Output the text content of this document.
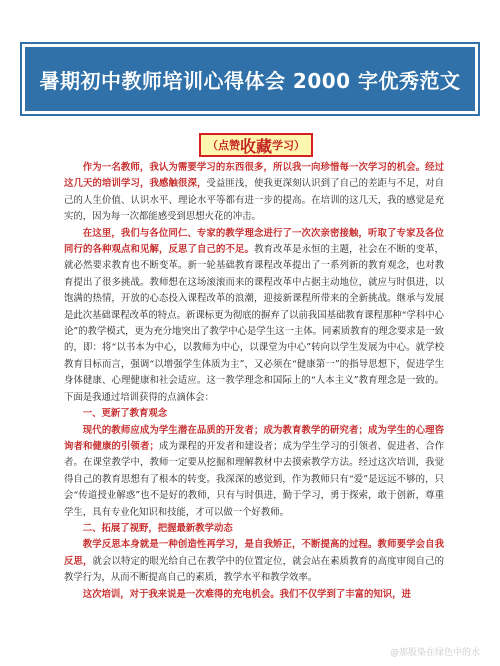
暑期初中教师培训心得体会 2000 字优秀范文
（点赞 收藏 学习）

作为一名教师，我认为需要学习的东西很多，所以我一向珍惜每一次学习的机会。经过这几天的培训学习，我感触很深，受益匪浅，使我更深刻认识到了自己的差距与不足，对自己的人生价值、认识水平、理论水平等都有进一步的提高。在培训的这几天，我的感觉是充实的，因为每一次都能感受到思想火花的冲击。

在这里，我们与各位同仁、专家的教学理念进行了一次次亲密接触，听取了专家及各位同行的各种观点和见解，反思了自己的不足。教育改革是永恒的主题，社会在不断的变革，就必然要求教育也不断变革。新一轮基础教育课程改革提出了一系列新的教育观念，也对教育提出了很多挑战。教师想在这场滚滚而来的课程改革中占据主动地位，就应与时俱进，以饱满的热情，开放的心态投入课程改革的浪潮，迎接新课程所带来的全新挑战。继承与发展是此次基础课程改革的特点。新课标更为彻底的摒弃了以前我国基础教育课程那种“学科中心论”的教学模式，更为充分地突出了教学中心是学生这一主体。同素质教育的理念要求是一致的，即：将“以书本为中心，以教师为中心，以课堂为中心”转向以学生发展为中心。就学校教育目标而言，强调“以增强学生体质为主”，又必须在“健康第一”的指导思想下，促进学生身体健康、心理健康和社会适应。这一教学理念和国际上的“人本主义”教育理念是一致的。下面是我通过培训获得的点滴体会：

一、更新了教育观念

现代的教师应成为学生潜在品质的开发者；成为教育教学的研究者；成为学生的心理咨询者和健康的引领者；成为课程的开发者和建设者；成为学生学习的引领者、促进者、合作者。在课堂教学中，教师一定要从挖掘和理解教材中去摸索教学方法。经过这次培训，我觉得自己的教育思想有了根本的转变。我深深的感觉到，作为教师只有“爱”是远远不够的，只会“传道授业解惑”也不是好的教师，只有与时俱进，勤于学习，勇于探索，敢于创新，尊重学生，具有专业化知识和技能，才可以做一个好教师。

二、拓展了视野，把握最新教学动态

教学反思本身就是一种创造性再学习，是自我矫正，不断提高的过程。教师要学会自我反思，就会以特定的眼光给自己在教学中的位置定位，就会站在素质教育的高度审阅自己的教学行为，从而不断提高自己的素质，教学水平和教学效率。

这次培训，对于我来说是一次难得的充电机会。我们不仅学到了丰富的知识，进

@那股染在绿色中的水
